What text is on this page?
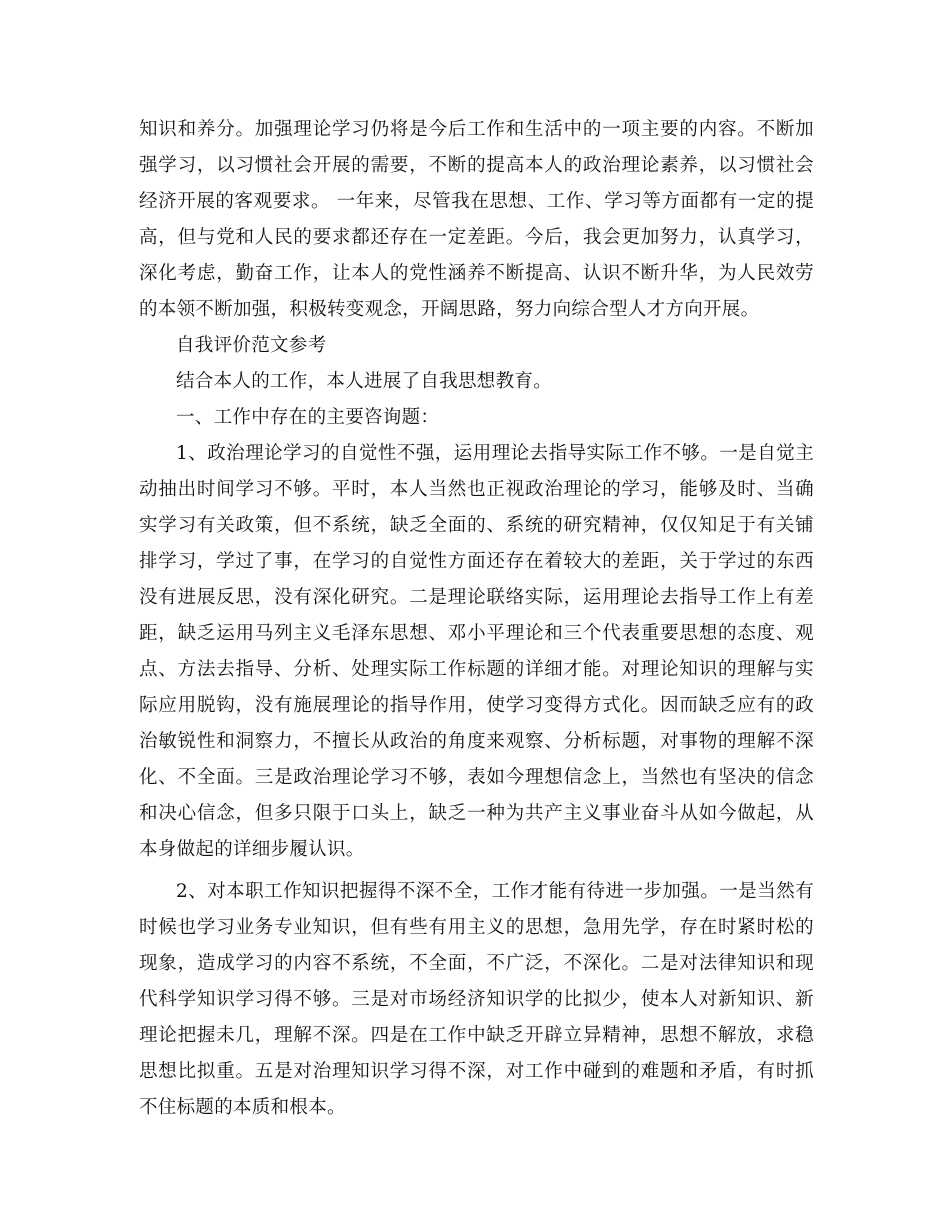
知识和养分。加强理论学习仍将是今后工作和生活中的一项主要的内容。不断加强学习，以习惯社会开展的需要，不断的提高本人的政治理论素养，以习惯社会经济开展的客观要求。 一年来，尽管我在思想、工作、学习等方面都有一定的提高，但与党和人民的要求都还存在一定差距。今后，我会更加努力，认真学习，深化考虑，勤奋工作，让本人的党性涵养不断提高、认识不断升华，为人民效劳的本领不断加强，积极转变观念，开阔思路，努力向综合型人才方向开展。

自我评价范文参考

结合本人的工作，本人进展了自我思想教育。

一、工作中存在的主要咨询题：

1、政治理论学习的自觉性不强，运用理论去指导实际工作不够。一是自觉主动抽出时间学习不够。平时，本人当然也正视政治理论的学习，能够及时、当确实学习有关政策，但不系统，缺乏全面的、系统的研究精神，仅仅知足于有关铺排学习，学过了事，在学习的自觉性方面还存在着较大的差距，关于学过的东西没有进展反思，没有深化研究。二是理论联络实际，运用理论去指导工作上有差距，缺乏运用马列主义毛泽东思想、邓小平理论和三个代表重要思想的态度、观点、方法去指导、分析、处理实际工作标题的详细才能。对理论知识的理解与实际应用脱钩，没有施展理论的指导作用，使学习变得方式化。因而缺乏应有的政治敏锐性和洞察力，不擅长从政治的角度来观察、分析标题，对事物的理解不深化、不全面。三是政治理论学习不够，表如今理想信念上，当然也有坚决的信念和决心信念，但多只限于口头上，缺乏一种为共产主义事业奋斗从如今做起，从本身做起的详细步履认识。

2、对本职工作知识把握得不深不全，工作才能有待进一步加强。一是当然有时候也学习业务专业知识，但有些有用主义的思想，急用先学，存在时紧时松的现象，造成学习的内容不系统，不全面，不广泛，不深化。二是对法律知识和现代科学知识学习得不够。三是对市场经济知识学的比拟少，使本人对新知识、新理论把握未几，理解不深。四是在工作中缺乏开辟立异精神，思想不解放，求稳思想比拟重。五是对治理知识学习得不深，对工作中碰到的难题和矛盾，有时抓不住标题的本质和根本。
